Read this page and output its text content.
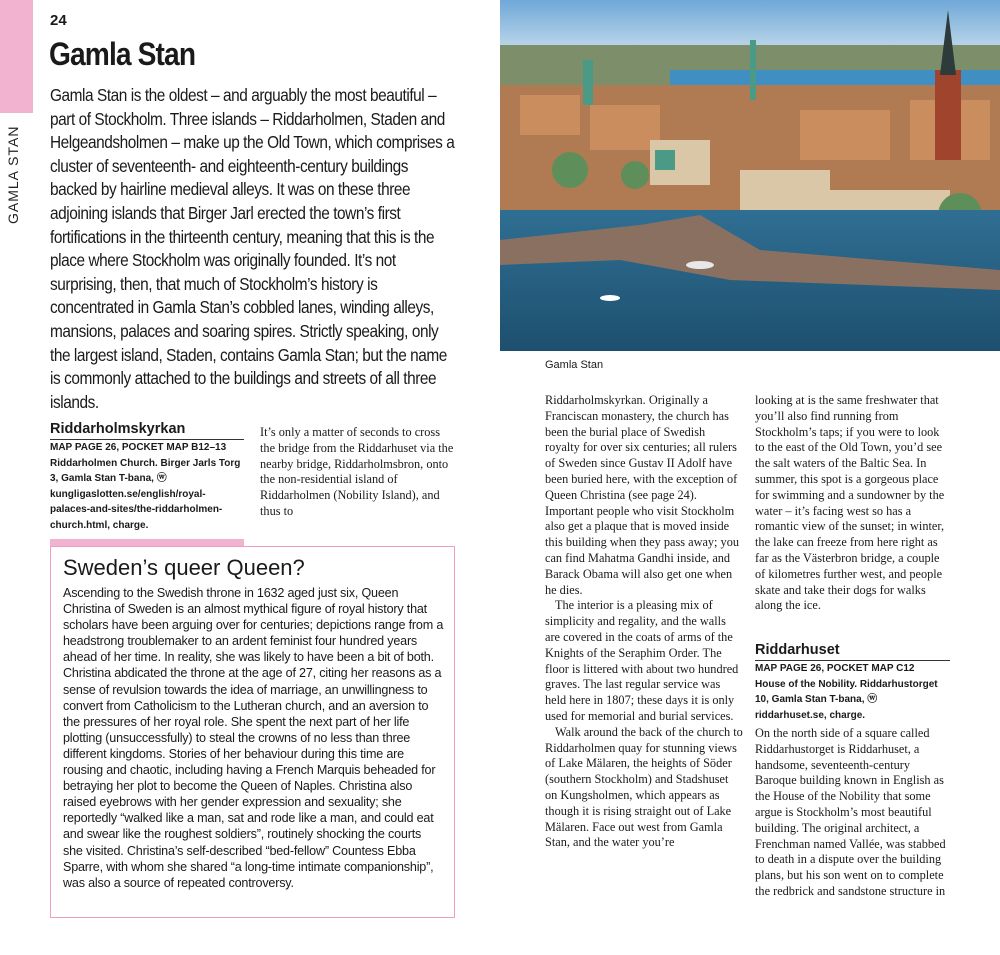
GAMLA STAN
24
Gamla Stan

Gamla Stan is the oldest – and arguably the most beautiful – part of Stockholm. Three islands – Riddarholmen, Staden and Helgeandsholmen – make up the Old Town, which comprises a cluster of seventeenth- and eighteenth-century buildings backed by hairline medieval alleys. It was on these three adjoining islands that Birger Jarl erected the town’s first fortifications in the thirteenth century, meaning that this is the place where Stockholm was originally founded. It’s not surprising, then, that much of Stockholm’s history is concentrated in Gamla Stan’s cobbled lanes, winding alleys, mansions, palaces and soaring spires. Strictly speaking, only the largest island, Staden, contains Gamla Stan; but the name is commonly attached to the buildings and streets of all three islands.

Gamla Stan
Riddarholmskyrkan

MAP PAGE 26, POCKET MAP B12–13

Riddarholmen Church. Birger Jarls Torg 3, Gamla Stan T-bana, ⓦ kungligaslotten.se/english/royal-palaces-and-sites/the-riddarholmen-church.html, charge.

It’s only a matter of seconds to cross the bridge from the Riddarhuset via the nearby bridge, Riddarholmsbron, onto the non-residential island of Riddarholmen (Nobility Island), and thus to

Riddarholmskyrkan. Originally a Franciscan monastery, the church has been the burial place of Swedish royalty for over six centuries; all rulers of Sweden since Gustav II Adolf have been buried here, with the exception of Queen Christina (see page 24). Important people who visit Stockholm also get a plaque that is moved inside this building when they pass away; you can find Mahatma Gandhi inside, and Barack Obama will also get one when he dies.

The interior is a pleasing mix of simplicity and regality, and the walls are covered in the coats of arms of the Knights of the Seraphim Order. The floor is littered with about two hundred graves. The last regular service was held here in 1807; these days it is only used for memorial and burial services.

Walk around the back of the church to Riddarholmen quay for stunning views of Lake Mälaren, the heights of Söder (southern Stockholm) and Stadshuset on Kungsholmen, which appears as though it is rising straight out of Lake Mälaren. Face out west from Gamla Stan, and the water you’re

looking at is the same freshwater that you’ll also find running from Stockholm’s taps; if you were to look to the east of the Old Town, you’d see the salt waters of the Baltic Sea. In summer, this spot is a gorgeous place for swimming and a sundowner by the water – it’s facing west so has a romantic view of the sunset; in winter, the lake can freeze from here right as far as the Västerbron bridge, a couple of kilometres further west, and people skate and take their dogs for walks along the ice.

Riddarhuset

MAP PAGE 26, POCKET MAP C12

House of the Nobility. Riddarhustorget 10, Gamla Stan T-bana, ⓦ riddarhuset.se, charge.

On the north side of a square called Riddarhustorget is Riddarhuset, a handsome, seventeenth-century Baroque building known in English as the House of the Nobility that some argue is Stockholm’s most beautiful building. The original architect, a Frenchman named Vallée, was stabbed to death in a dispute over the building plans, but his son went on to complete the redbrick and sandstone structure in

Sweden’s queer Queen?

Ascending to the Swedish throne in 1632 aged just six, Queen Christina of Sweden is an almost mythical figure of royal history that scholars have been arguing over for centuries; depictions range from a headstrong troublemaker to an ardent feminist four hundred years ahead of her time. In reality, she was likely to have been a bit of both. Christina abdicated the throne at the age of 27, citing her reasons as a sense of revulsion towards the idea of marriage, an unwillingness to convert from Catholicism to the Lutheran church, and an aversion to the pressures of her royal role. She spent the next part of her life plotting (unsuccessfully) to steal the crowns of no less than three different kingdoms. Stories of her behaviour during this time are rousing and chaotic, including having a French Marquis beheaded for betraying her plot to become the Queen of Naples. Christina also raised eyebrows with her gender expression and sexuality; she reportedly “walked like a man, sat and rode like a man, and could eat and swear like the roughest soldiers”, routinely shocking the courts she visited. Christina’s self-described “bed-fellow” Countess Ebba Sparre, with whom she shared “a long-time intimate companionship”, was also a source of repeated controversy.
